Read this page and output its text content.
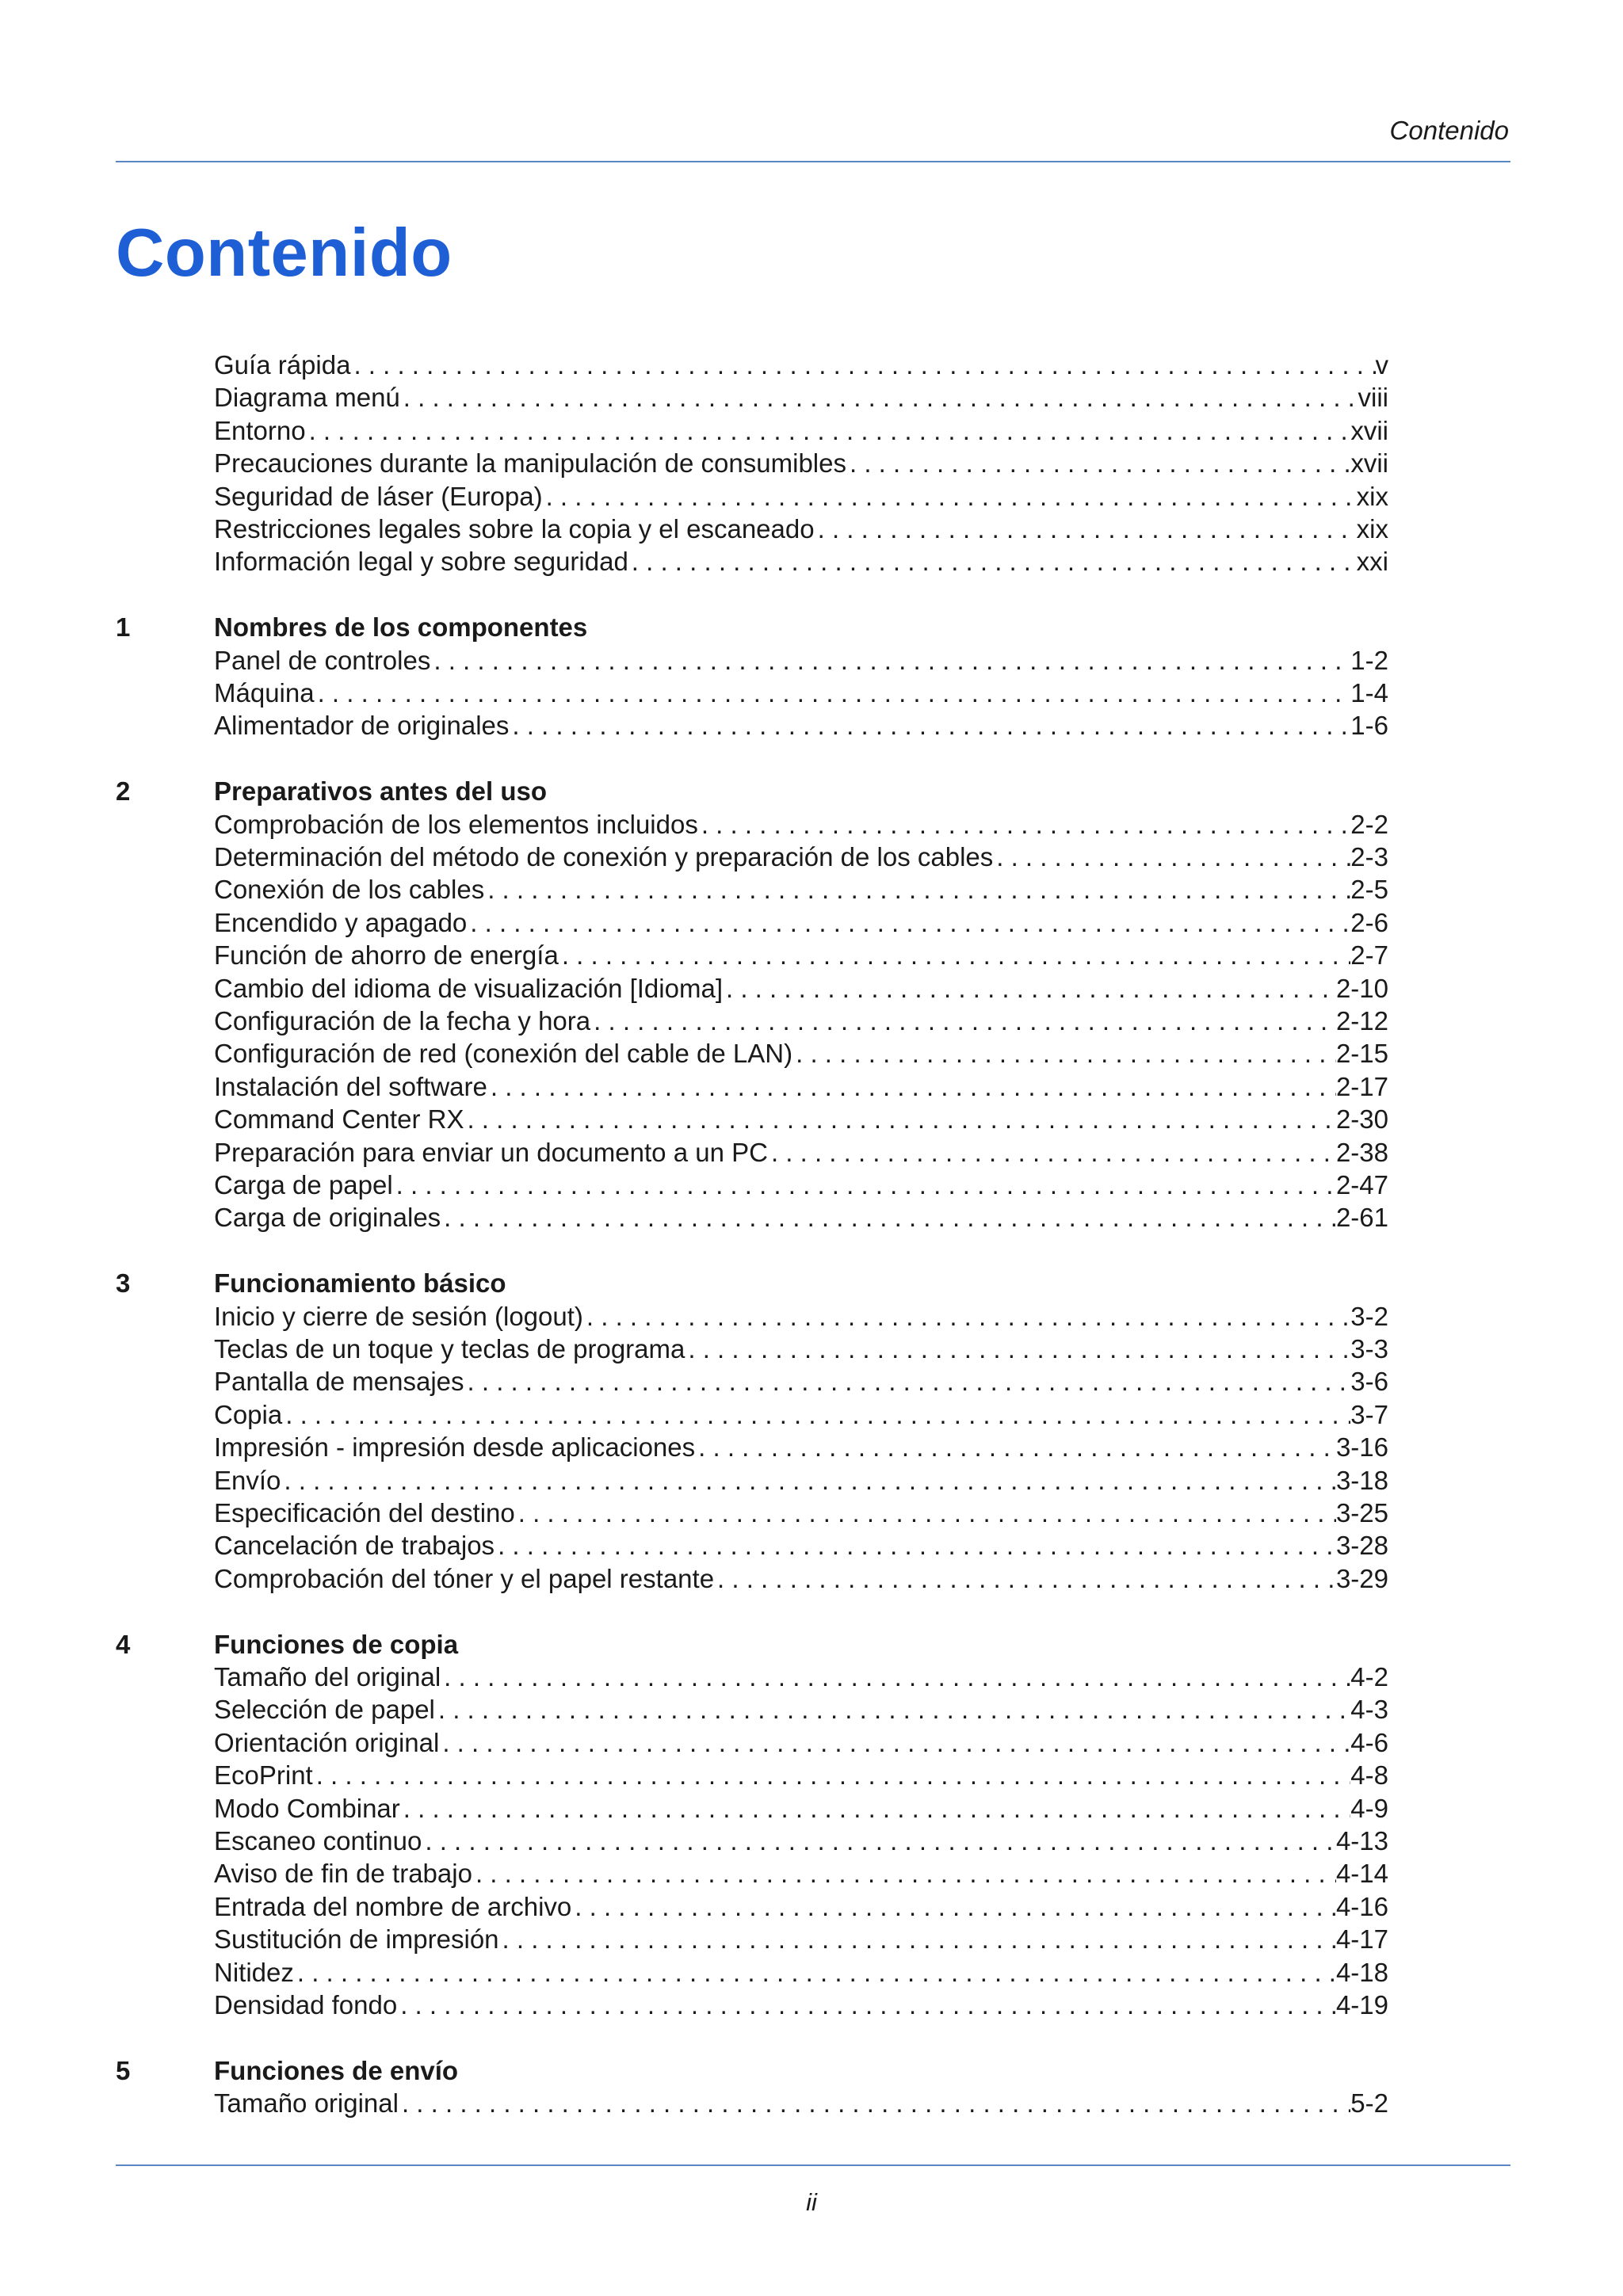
Contenido
Contenido
Guía rápida . . .	v
Diagrama menú . . .	viii
Entorno . . .	xvii
Precauciones durante la manipulación de consumibles . . .	xvii
Seguridad de láser (Europa) . . .	xix
Restricciones legales sobre la copia y el escaneado . . .	xix
Información legal y sobre seguridad . . .	xxi
1	Nombres de los componentes
Panel de controles . . .	1-2
Máquina . . .	1-4
Alimentador de originales . . .	1-6
2	Preparativos antes del uso
Comprobación de los elementos incluidos . . .	2-2
Determinación del método de conexión y preparación de los cables . . .	2-3
Conexión de los cables . . .	2-5
Encendido y apagado . . .	2-6
Función de ahorro de energía . . .	2-7
Cambio del idioma de visualización [Idioma] . . .	2-10
Configuración de la fecha y hora . . .	2-12
Configuración de red (conexión del cable de LAN) . . .	2-15
Instalación del software . . .	2-17
Command Center RX . . .	2-30
Preparación para enviar un documento a un PC . . .	2-38
Carga de papel . . .	2-47
Carga de originales . . .	2-61
3	Funcionamiento básico
Inicio y cierre de sesión (logout) . . .	3-2
Teclas de un toque y teclas de programa . . .	3-3
Pantalla de mensajes . . .	3-6
Copia . . .	3-7
Impresión - impresión desde aplicaciones . . .	3-16
Envío . . .	3-18
Especificación del destino . . .	3-25
Cancelación de trabajos . . .	3-28
Comprobación del tóner y el papel restante . . .	3-29
4	Funciones de copia
Tamaño del original . . .	4-2
Selección de papel . . .	4-3
Orientación original . . .	4-6
EcoPrint . . .	4-8
Modo Combinar . . .	4-9
Escaneo continuo . . .	4-13
Aviso de fin de trabajo . . .	4-14
Entrada del nombre de archivo . . .	4-16
Sustitución de impresión . . .	4-17
Nitidez . . .	4-18
Densidad fondo . . .	4-19
5	Funciones de envío
Tamaño original . . .	5-2
ii
